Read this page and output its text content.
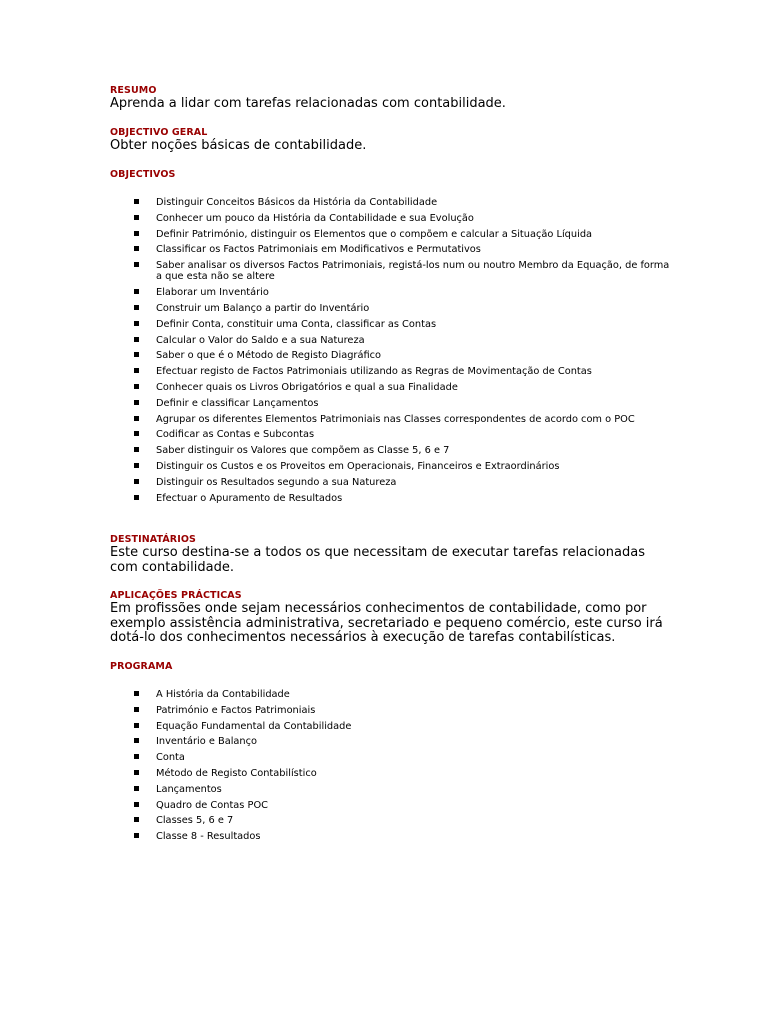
RESUMO

Aprenda a lidar com tarefas relacionadas com contabilidade.

OBJECTIVO GERAL

Obter noções básicas de contabilidade.

OBJECTIVOS

Distinguir Conceitos Básicos da História da Contabilidade
Conhecer um pouco da História da Contabilidade e sua Evolução
Definir Património, distinguir os Elementos que o compõem e calcular a Situação Líquida
Classificar os Factos Patrimoniais em Modificativos e Permutativos
Saber analisar os diversos Factos Patrimoniais, registá-los num ou noutro Membro da Equação, de forma a que esta não se altere
Elaborar um Inventário
Construir um Balanço a partir do Inventário
Definir Conta, constituir uma Conta, classificar as Contas
Calcular o Valor do Saldo e a sua Natureza
Saber o que é o Método de Registo Diagráfico
Efectuar registo de Factos Patrimoniais utilizando as Regras de Movimentação de Contas
Conhecer quais os Livros Obrigatórios e qual a sua Finalidade
Definir e classificar Lançamentos
Agrupar os diferentes Elementos Patrimoniais nas Classes correspondentes de acordo com o POC
Codificar as Contas e Subcontas
Saber distinguir os Valores que compõem as Classe 5, 6 e 7
Distinguir os Custos e os Proveitos em Operacionais, Financeiros e Extraordinários
Distinguir os Resultados segundo a sua Natureza
Efectuar o Apuramento de Resultados

DESTINATÁRIOS

Este curso destina-se a todos os que necessitam de executar tarefas relacionadas com contabilidade.

APLICAÇÕES PRÁCTICAS

Em profissões onde sejam necessários conhecimentos de contabilidade, como por exemplo assistência administrativa, secretariado e pequeno comércio, este curso irá dotá-lo dos conhecimentos necessários à execução de tarefas contabilísticas.

PROGRAMA

A História da Contabilidade
Património e Factos Patrimoniais
Equação Fundamental da Contabilidade
Inventário e Balanço
Conta
Método de Registo Contabilístico
Lançamentos
Quadro de Contas POC
Classes 5, 6 e 7
Classe 8 - Resultados
